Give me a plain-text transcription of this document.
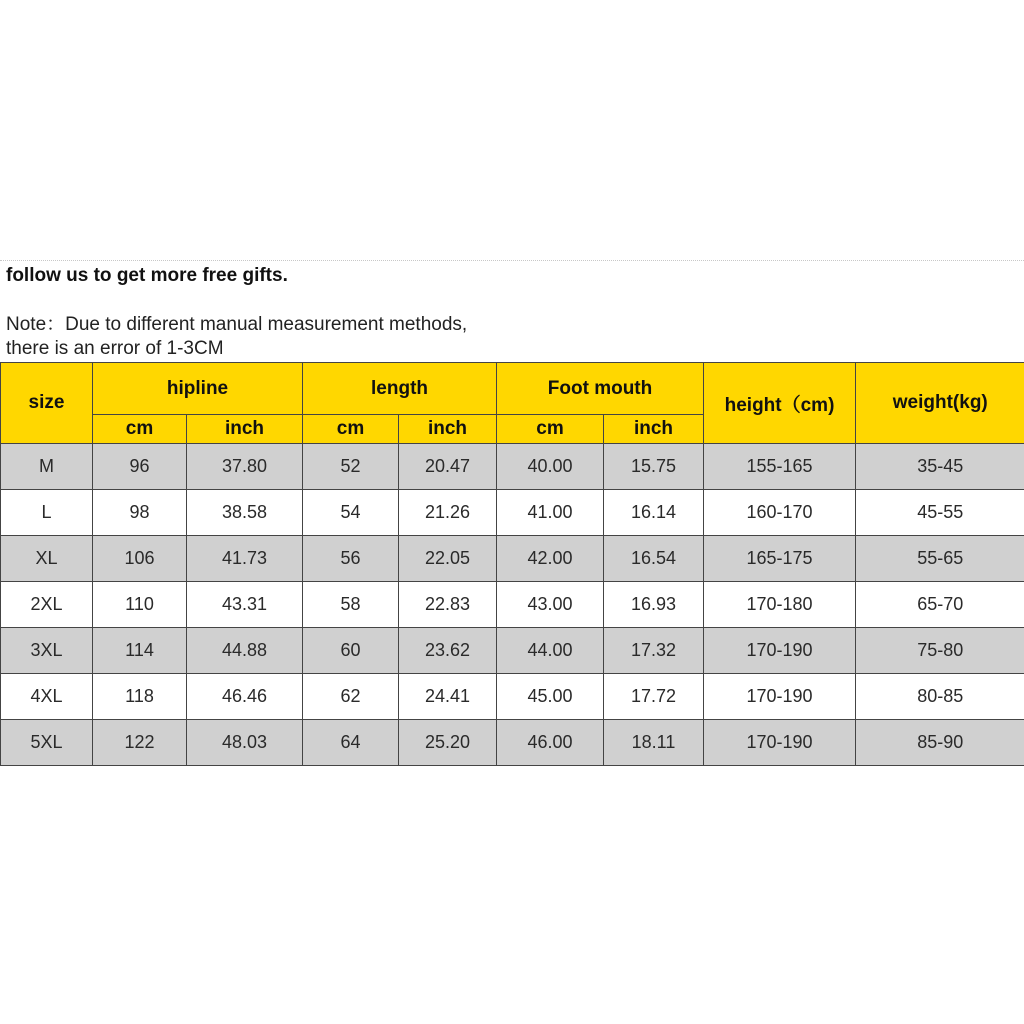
follow us to get more free gifts.
Note：Due to different manual measurement methods,
there is an error of 1-3CM
size	hipline		length		Foot mouth		height（cm)	weight(kg)
	cm	inch	cm	inch	cm	inch		
M	96	37.80	52	20.47	40.00	15.75	155-165	35-45
L	98	38.58	54	21.26	41.00	16.14	160-170	45-55
XL	106	41.73	56	22.05	42.00	16.54	165-175	55-65
2XL	110	43.31	58	22.83	43.00	16.93	170-180	65-70
3XL	114	44.88	60	23.62	44.00	17.32	170-190	75-80
4XL	118	46.46	62	24.41	45.00	17.72	170-190	80-85
5XL	122	48.03	64	25.20	46.00	18.11	170-190	85-90
